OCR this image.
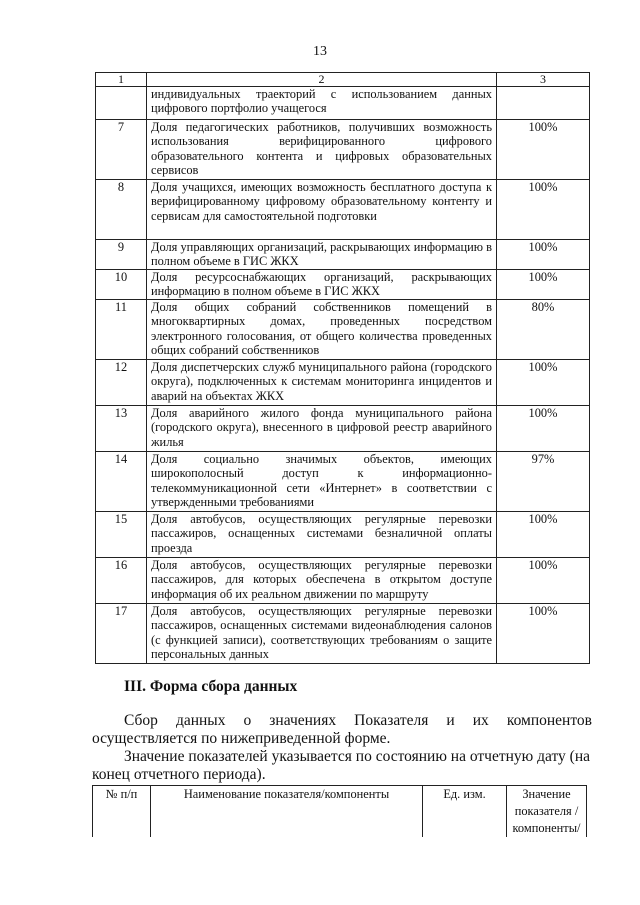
13
1	2	3
	индивидуальных траекторий с использованием данных цифрового портфолио учащегося	
7	Доля педагогических работников, получивших возможность использования верифицированного цифрового образовательного контента и цифровых образовательных сервисов	100%
8	Доля учащихся, имеющих возможность бесплатного доступа к верифицированному цифровому образовательному контенту и сервисам для самостоятельной подготовки	100%
9	Доля управляющих организаций, раскрывающих информацию в полном объеме в ГИС ЖКХ	100%
10	Доля ресурсоснабжающих организаций, раскрывающих информацию в полном объеме в ГИС ЖКХ	100%
11	Доля общих собраний собственников помещений в многоквартирных домах, проведенных посредством электронного голосования, от общего количества проведенных общих собраний собственников	80%
12	Доля диспетчерских служб муниципального района (городского округа), подключенных к системам мониторинга инцидентов и аварий на объектах ЖКХ	100%
13	Доля аварийного жилого фонда муниципального района (городского округа), внесенного в цифровой реестр аварийного жилья	100%
14	Доля социально значимых объектов, имеющих широкополосный доступ к информационно-телекоммуникационной сети «Интернет» в соответствии с утвержденными требованиями	97%
15	Доля автобусов, осуществляющих регулярные перевозки пассажиров, оснащенных системами безналичной оплаты проезда	100%
16	Доля автобусов, осуществляющих регулярные перевозки пассажиров, для которых обеспечена в открытом доступе информация об их реальном движении по маршруту	100%
17	Доля автобусов, осуществляющих регулярные перевозки пассажиров, оснащенных системами видеонаблюдения салонов (с функцией записи), соответствующих требованиям о защите персональных данных	100%
III. Форма сбора данных
Сбор данных о значениях Показателя и их компонентов осуществляется по нижеприведенной форме.
Значение показателей указывается по состоянию на отчетную дату (на конец отчетного периода).
№ п/п	Наименование показателя/компоненты	Ед. изм.	Значение показателя /компоненты/
